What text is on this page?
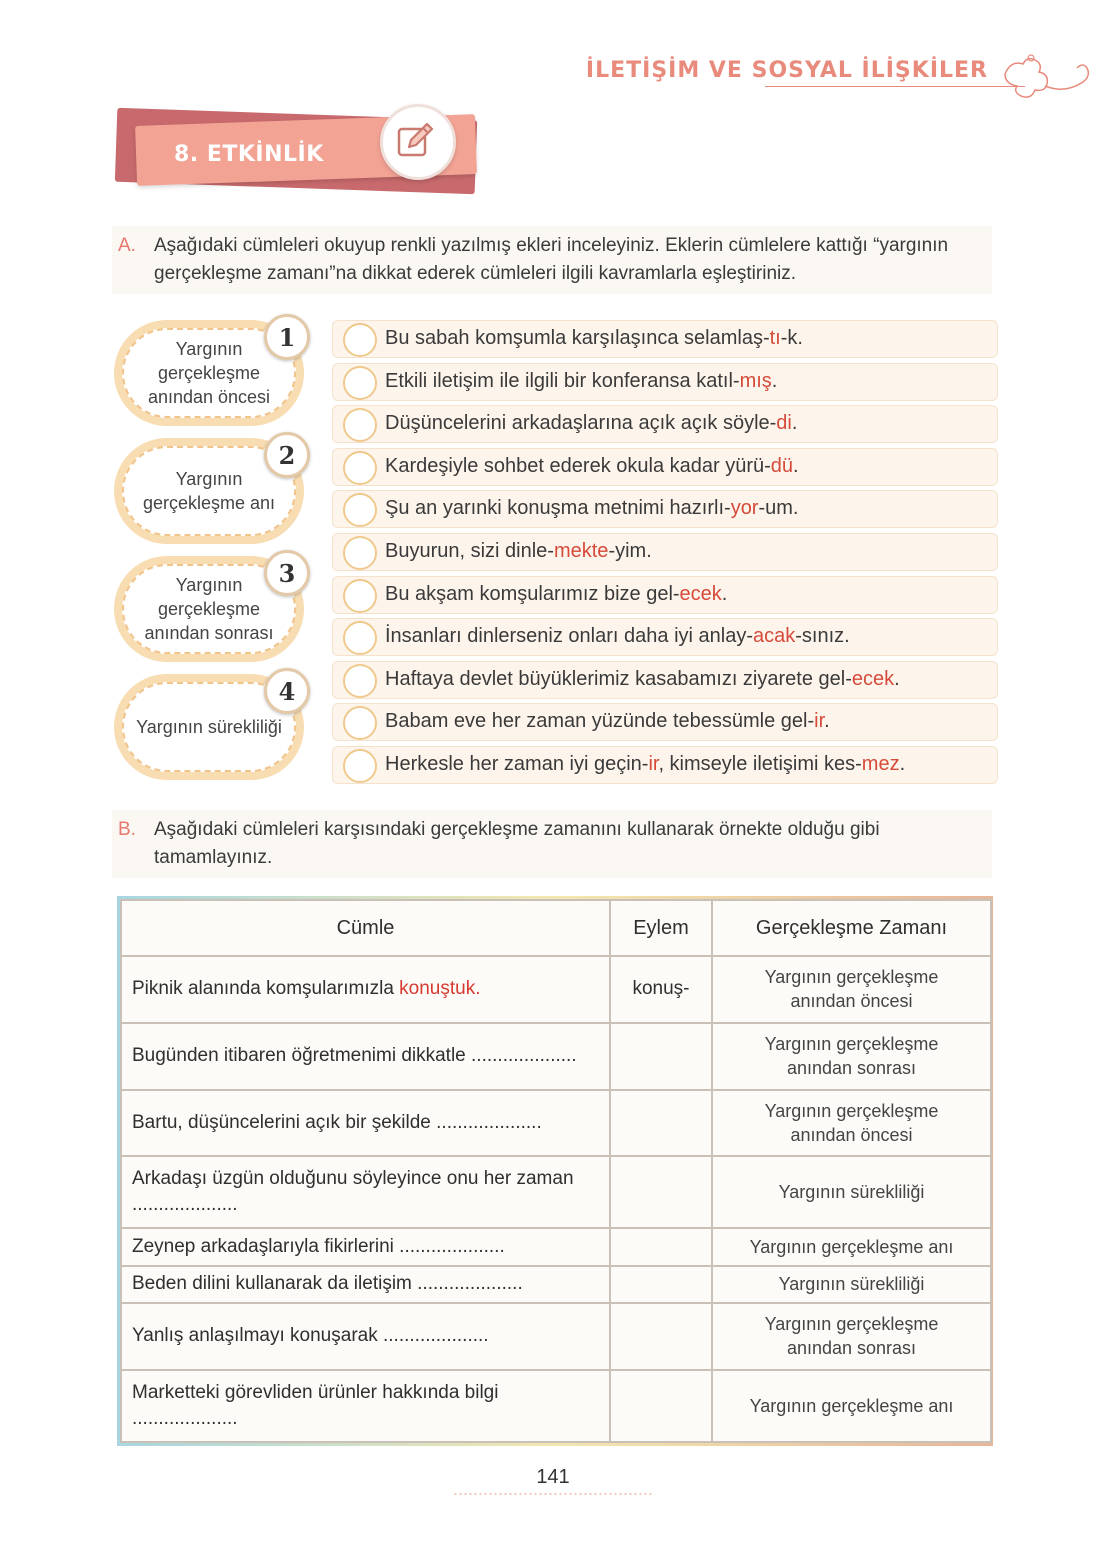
İLETİŞİM VE SOSYAL İLİŞKİLER
8. ETKİNLİK
A. Aşağıdaki cümleleri okuyup renkli yazılmış ekleri inceleyiniz. Eklerin cümlelere kattığı “yargının gerçekleşme zamanı”na dikkat ederek cümleleri ilgili kavramlarla eşleştiriniz.
Yargının gerçekleşme anından öncesi
1
Yargının gerçekleşme anı
2
Yargının gerçekleşme anından sonrası
3
Yargının sürekliliği
4
Bu sabah komşumla karşılaşınca selamlaş-tı-k.
Etkili iletişim ile ilgili bir konferansa katıl-mış.
Düşüncelerini arkadaşlarına açık açık söyle-di.
Kardeşiyle sohbet ederek okula kadar yürü-dü.
Şu an yarınki konuşma metnimi hazırlı-yor-um.
Buyurun, sizi dinle-mekte-yim.
Bu akşam komşularımız bize gel-ecek.
İnsanları dinlerseniz onları daha iyi anlay-acak-sınız.
Haftaya devlet büyüklerimiz kasabamızı ziyarete gel-ecek.
Babam eve her zaman yüzünde tebessümle gel-ir.
Herkesle her zaman iyi geçin-ir, kimseyle iletişimi kes-mez.
B. Aşağıdaki cümleleri karşısındaki gerçekleşme zamanını kullanarak örnekte olduğu gibi tamamlayınız.
Cümle	Eylem	Gerçekleşme Zamanı
Piknik alanında komşularımızla konuştuk.	konuş-	Yargının gerçekleşme anından öncesi
Bugünden itibaren öğretmenimi dikkatle ....................		Yargının gerçekleşme anından sonrası
Bartu, düşüncelerini açık bir şekilde ....................		Yargının gerçekleşme anından öncesi
Arkadaşı üzgün olduğunu söyleyince onu her zaman ....................		Yargının sürekliliği
Zeynep arkadaşlarıyla fikirlerini ....................		Yargının gerçekleşme anı
Beden dilini kullanarak da iletişim ....................		Yargının sürekliliği
Yanlış anlaşılmayı konuşarak ....................		Yargının gerçekleşme anından sonrası
Marketteki görevliden ürünler hakkında bilgi ....................		Yargının gerçekleşme anı
141
